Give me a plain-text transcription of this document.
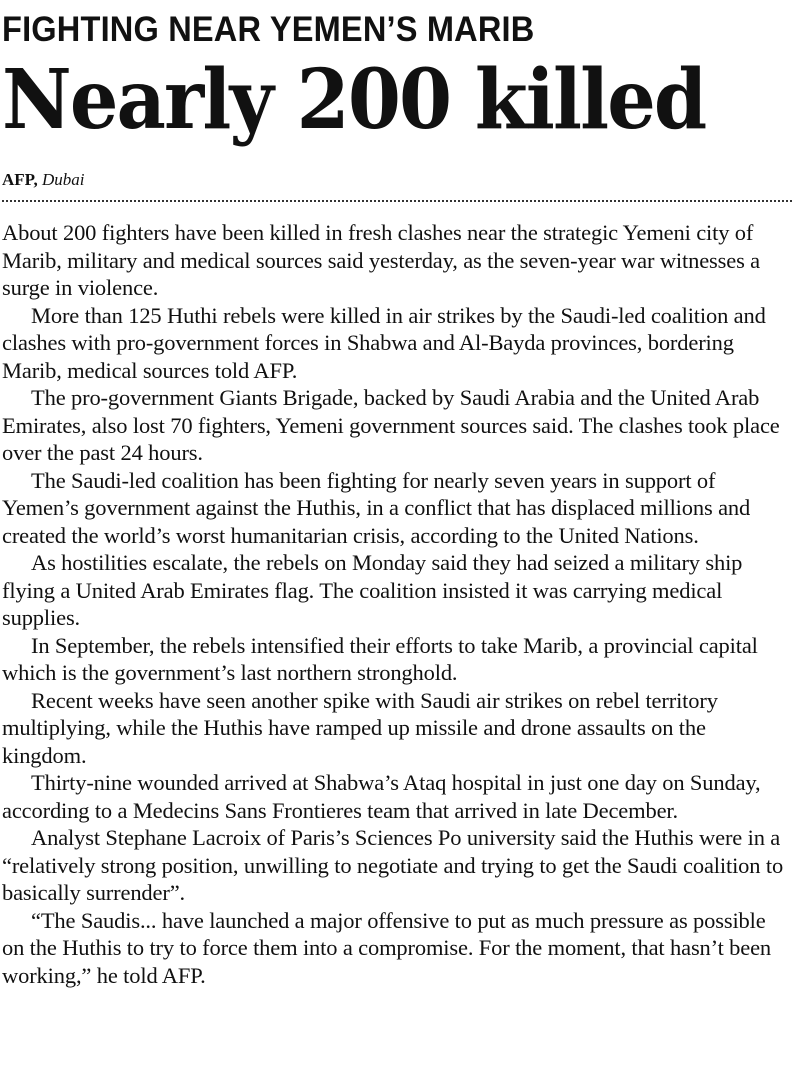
FIGHTING NEAR YEMEN’S MARIB
Nearly 200 killed
AFP, Dubai

About 200 fighters have been killed in fresh clashes near the strategic Yemeni city of Marib, military and medical sources said yesterday, as the seven-year war witnesses a surge in violence.

More than 125 Huthi rebels were killed in air strikes by the Saudi-led coalition and clashes with pro-government forces in Shabwa and Al-Bayda provinces, bordering Marib, medical sources told AFP.

The pro-government Giants Brigade, backed by Saudi Arabia and the United Arab Emirates, also lost 70 fighters, Yemeni government sources said. The clashes took place over the past 24 hours.

The Saudi-led coalition has been fighting for nearly seven years in support of Yemen’s government against the Huthis, in a conflict that has displaced millions and created the world’s worst humanitarian crisis, according to the United Nations.

As hostilities escalate, the rebels on Monday said they had seized a military ship flying a United Arab Emirates flag. The coalition insisted it was carrying medical supplies.

In September, the rebels intensified their efforts to take Marib, a provincial capital which is the government’s last northern stronghold.

Recent weeks have seen another spike with Saudi air strikes on rebel territory multiplying, while the Huthis have ramped up missile and drone assaults on the kingdom.

Thirty-nine wounded arrived at Shabwa’s Ataq hospital in just one day on Sunday, according to a Medecins Sans Frontieres team that arrived in late December.

Analyst Stephane Lacroix of Paris’s Sciences Po university said the Huthis were in a “relatively strong position, unwilling to negotiate and trying to get the Saudi coalition to basically surrender”.

“The Saudis... have launched a major offensive to put as much pressure as possible on the Huthis to try to force them into a compromise. For the moment, that hasn’t been working,” he told AFP.
